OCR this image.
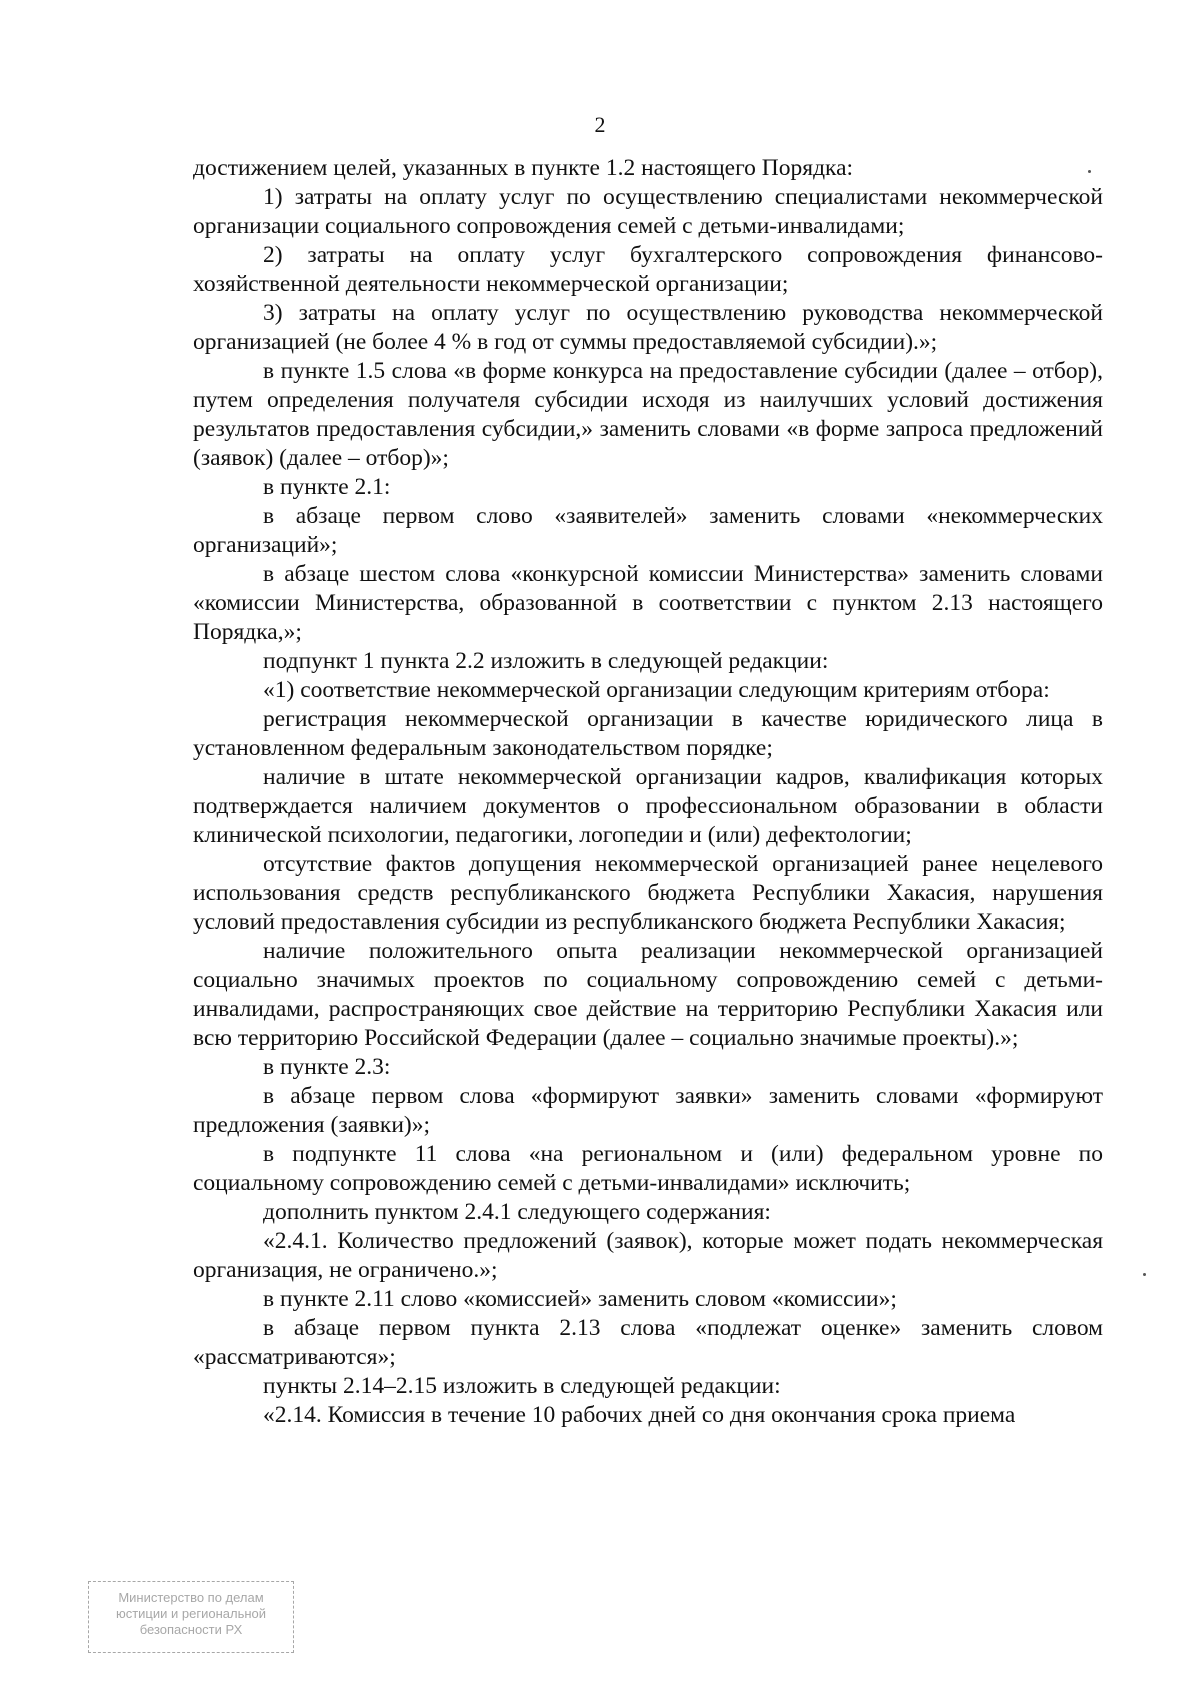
2

достижением целей, указанных в пункте 1.2 настоящего Порядка:

1) затраты на оплату услуг по осуществлению специалистами некоммерческой организации социального сопровождения семей с детьми-инвалидами;

2) затраты на оплату услуг бухгалтерского сопровождения финансово-хозяйственной деятельности некоммерческой организации;

3) затраты на оплату услуг по осуществлению руководства некоммерческой организацией (не более 4 % в год от суммы предоставляемой субсидии).»;

в пункте 1.5 слова «в форме конкурса на предоставление субсидии (далее – отбор), путем определения получателя субсидии исходя из наилучших условий достижения результатов предоставления субсидии,» заменить словами «в форме запроса предложений (заявок) (далее – отбор)»;

в пункте 2.1:

в абзаце первом слово «заявителей» заменить словами «некоммерческих организаций»;

в абзаце шестом слова «конкурсной комиссии Министерства» заменить словами «комиссии Министерства, образованной в соответствии с пунктом 2.13 настоящего Порядка,»;

подпункт 1 пункта 2.2 изложить в следующей редакции:

«1) соответствие некоммерческой организации следующим критериям отбора:

регистрация некоммерческой организации в качестве юридического лица в установленном федеральным законодательством порядке;

наличие в штате некоммерческой организации кадров, квалификация которых подтверждается наличием документов о профессиональном образовании в области клинической психологии, педагогики, логопедии и (или) дефектологии;

отсутствие фактов допущения некоммерческой организацией ранее нецелевого использования средств республиканского бюджета Республики Хакасия, нарушения условий предоставления субсидии из республиканского бюджета Республики Хакасия;

наличие положительного опыта реализации некоммерческой организацией социально значимых проектов по социальному сопровождению семей с детьми-инвалидами, распространяющих свое действие на территорию Республики Хакасия или всю территорию Российской Федерации (далее – социально значимые проекты).»;

в пункте 2.3:

в абзаце первом слова «формируют заявки» заменить словами «формируют предложения (заявки)»;

в подпункте 11 слова «на региональном и (или) федеральном уровне по социальному сопровождению семей с детьми-инвалидами» исключить;

дополнить пунктом 2.4.1 следующего содержания:

«2.4.1. Количество предложений (заявок), которые может подать некоммерческая организация, не ограничено.»;

в пункте 2.11 слово «комиссией» заменить словом «комиссии»;

в абзаце первом пункта 2.13 слова «подлежат оценке» заменить словом «рассматриваются»;

пункты 2.14–2.15 изложить в следующей редакции:

«2.14. Комиссия в течение 10 рабочих дней со дня окончания срока приема

Министерство по делам
юстиции и региональной
безопасности РХ
